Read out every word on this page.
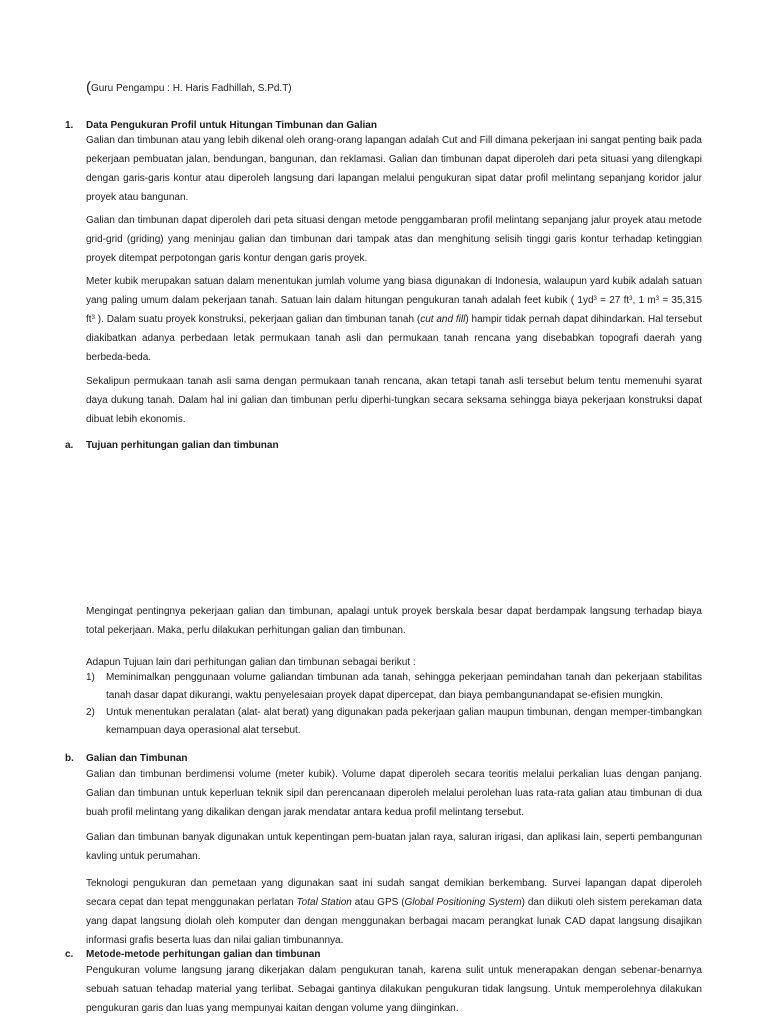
(Guru Pengampu : H. Haris Fadhillah, S.Pd.T)
1. Data Pengukuran Profil untuk Hitungan Timbunan dan Galian
Galian dan timbunan atau yang lebih dikenal oleh orang-orang lapangan adalah Cut and Fill dimana pekerjaan ini sangat penting baik pada pekerjaan pembuatan jalan, bendungan, bangunan, dan reklamasi. Galian dan timbunan dapat diperoleh dari peta situasi yang dilengkapi dengan garis-garis kontur atau diperoleh langsung dari lapangan melalui pengukuran sipat datar profil melintang sepanjang koridor jalur proyek atau bangunan.
Galian dan timbunan dapat diperoleh dari peta situasi dengan metode penggambaran profil melintang sepanjang jalur proyek atau metode grid-grid (griding) yang meninjau galian dan timbunan dari tampak atas dan menghitung selisih tinggi garis kontur terhadap ketinggian proyek ditempat perpotongan garis kontur dengan garis proyek.
Meter kubik merupakan satuan dalam menentukan jumlah volume yang biasa digunakan di Indonesia, walaupun yard kubik adalah satuan yang paling umum dalam pekerjaan tanah. Satuan lain dalam hitungan pengukuran tanah adalah feet kubik ( $1yd^3 = 27$ $ft^3$, 1 $m^3 = 35,315$ $ft^3$ ). Dalam suatu proyek konstruksi, pekerjaan galian dan timbunan tanah (cut and fill) hampir tidak pernah dapat dihindarkan. Hal tersebut diakibatkan adanya perbedaan letak permukaan tanah asli dan permukaan tanah rencana yang disebabkan topografi daerah yang berbeda-beda.
Sekalipun permukaan tanah asli sama dengan permukaan tanah rencana, akan tetapi tanah asli tersebut belum tentu memenuhi syarat daya dukung tanah. Dalam hal ini galian dan timbunan perlu diperhi-tungkan secara seksama sehingga biaya pekerjaan konstruksi dapat dibuat lebih ekonomis.
a. Tujuan perhitungan galian dan timbunan
Mengingat pentingnya pekerjaan galian dan timbunan, apalagi untuk proyek berskala besar dapat berdampak langsung terhadap biaya total pekerjaan. Maka, perlu dilakukan perhitungan galian dan timbunan.
Adapun Tujuan lain dari perhitungan galian dan timbunan sebagai berikut :
1) Meminimalkan penggunaan volume galiandan timbunan ada tanah, sehingga pekerjaan pemindahan tanah dan pekerjaan stabilitas tanah dasar dapat dikurangi, waktu penyelesaian proyek dapat dipercepat, dan biaya pembangunandapat se-efisien mungkin.
2) Untuk menentukan peralatan (alat- alat berat) yang digunakan pada pekerjaan galian maupun timbunan, dengan memper-timbangkan kemampuan daya operasional alat tersebut.
b. Galian dan Timbunan
Galian dan timbunan berdimensi volume (meter kubik). Volume dapat diperoleh secara teoritis melalui perkalian luas dengan panjang. Galian dan timbunan untuk keperluan teknik sipil dan perencanaan diperoleh melalui perolehan luas rata-rata galian atau timbunan di dua buah profil melintang yang dikalikan dengan jarak mendatar antara kedua profil melintang tersebut.
Galian dan timbunan banyak digunakan untuk kepentingan pem-buatan jalan raya, saluran irigasi, dan aplikasi lain, seperti pembangunan kavling untuk perumahan.
Teknologi pengukuran dan pemetaan yang digunakan saat ini sudah sangat demikian berkembang. Survei lapangan dapat diperoleh secara cepat dan tepat menggunakan perlatan Total Station atau GPS (Global Positioning System) dan diikuti oleh sistem perekaman data yang dapat langsung diolah oleh komputer dan dengan menggunakan berbagai macam perangkat lunak CAD dapat langsung disajikan informasi grafis beserta luas dan nilai galian timbunannya.
c. Metode-metode perhitungan galian dan timbunan
Pengukuran volume langsung jarang dikerjakan dalam pengukuran tanah, karena sulit untuk menerapakan dengan sebenar-benarnya sebuah satuan tehadap material yang terlibat. Sebagai gantinya dilakukan pengukuran tidak langsung. Untuk memperolehnya dilakukan pengukuran garis dan luas yang mempunyai kaitan dengan volume yang diinginkan.
